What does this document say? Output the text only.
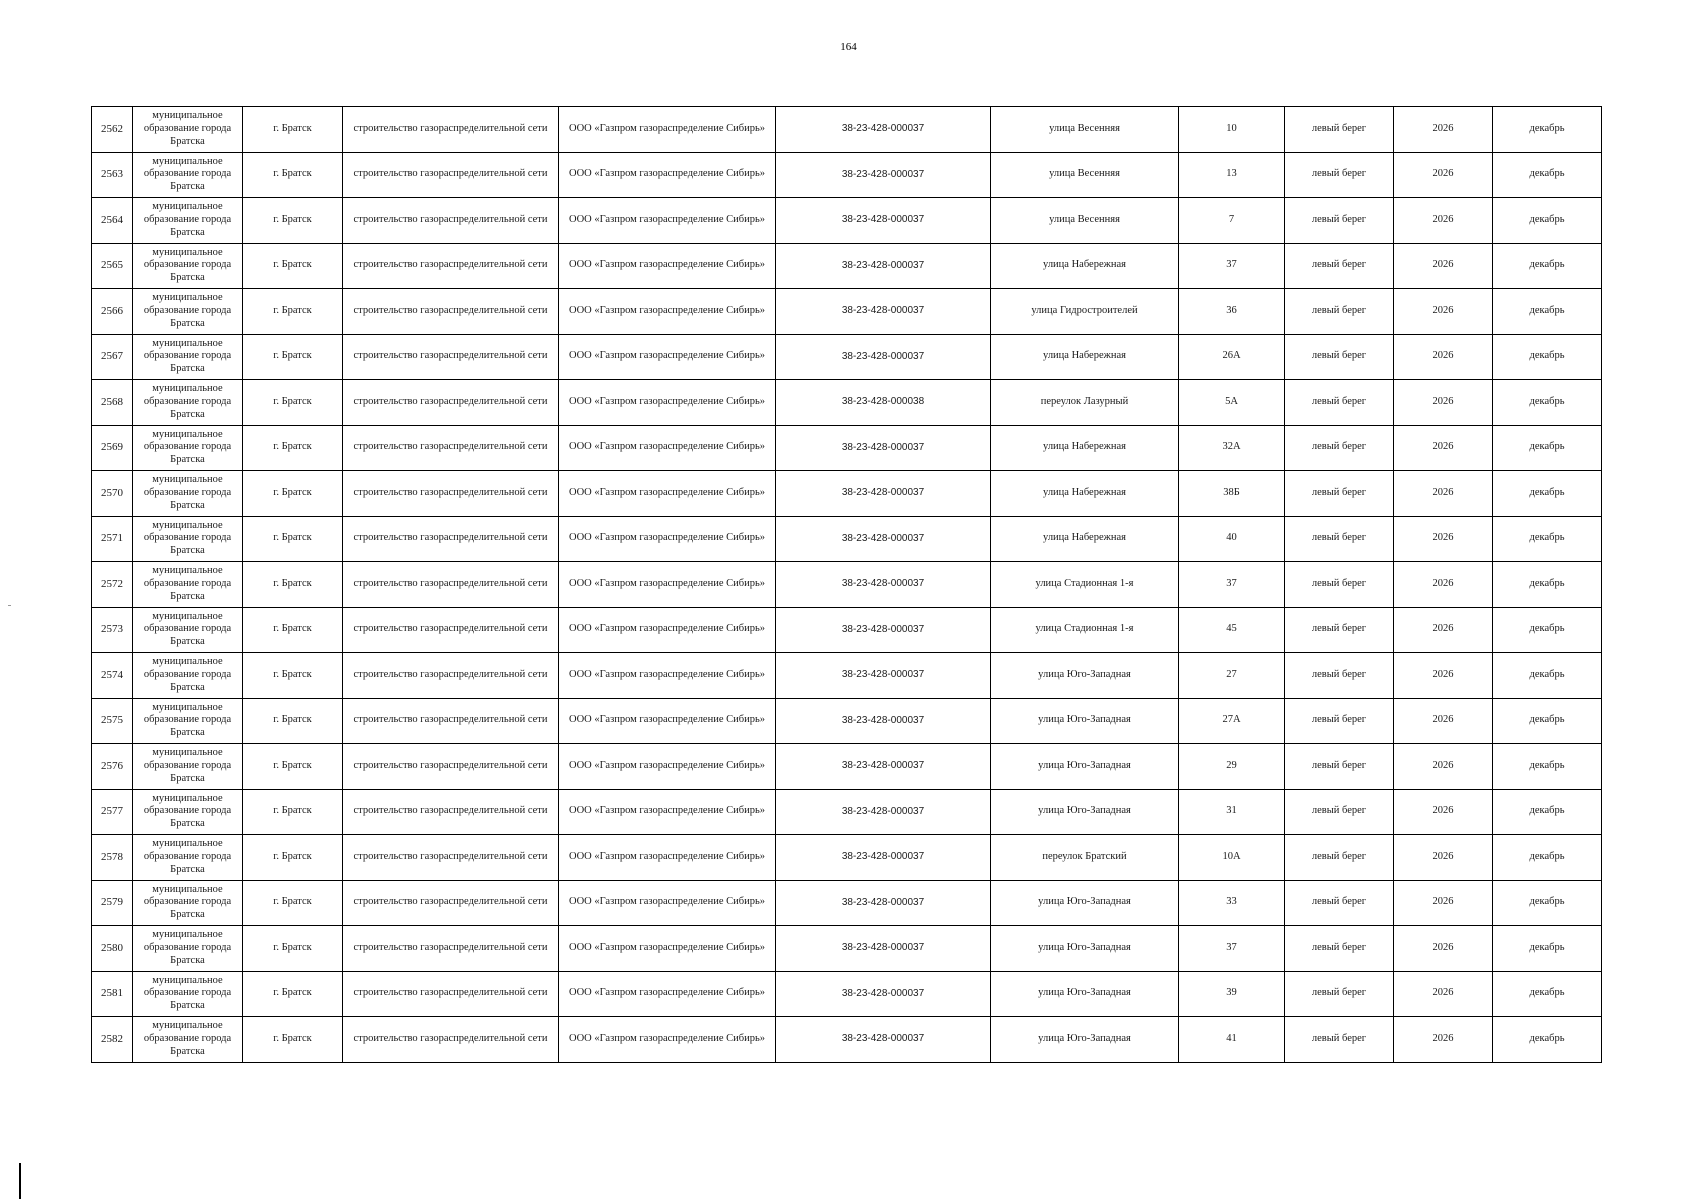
164
2562	муниципальное образование города Братска	г. Братск	строительство газораспределительной сети	ООО «Газпром газораспределение Сибирь»	38-23-428-000037	улица Весенняя	10	левый берег	2026	декабрь
2563	муниципальное образование города Братска	г. Братск	строительство газораспределительной сети	ООО «Газпром газораспределение Сибирь»	38-23-428-000037	улица Весенняя	13	левый берег	2026	декабрь
2564	муниципальное образование города Братска	г. Братск	строительство газораспределительной сети	ООО «Газпром газораспределение Сибирь»	38-23-428-000037	улица Весенняя	7	левый берег	2026	декабрь
2565	муниципальное образование города Братска	г. Братск	строительство газораспределительной сети	ООО «Газпром газораспределение Сибирь»	38-23-428-000037	улица Набережная	37	левый берег	2026	декабрь
2566	муниципальное образование города Братска	г. Братск	строительство газораспределительной сети	ООО «Газпром газораспределение Сибирь»	38-23-428-000037	улица Гидростроителей	36	левый берег	2026	декабрь
2567	муниципальное образование города Братска	г. Братск	строительство газораспределительной сети	ООО «Газпром газораспределение Сибирь»	38-23-428-000037	улица Набережная	26А	левый берег	2026	декабрь
2568	муниципальное образование города Братска	г. Братск	строительство газораспределительной сети	ООО «Газпром газораспределение Сибирь»	38-23-428-000038	переулок Лазурный	5А	левый берег	2026	декабрь
2569	муниципальное образование города Братска	г. Братск	строительство газораспределительной сети	ООО «Газпром газораспределение Сибирь»	38-23-428-000037	улица Набережная	32А	левый берег	2026	декабрь
2570	муниципальное образование города Братска	г. Братск	строительство газораспределительной сети	ООО «Газпром газораспределение Сибирь»	38-23-428-000037	улица Набережная	38Б	левый берег	2026	декабрь
2571	муниципальное образование города Братска	г. Братск	строительство газораспределительной сети	ООО «Газпром газораспределение Сибирь»	38-23-428-000037	улица Набережная	40	левый берег	2026	декабрь
2572	муниципальное образование города Братска	г. Братск	строительство газораспределительной сети	ООО «Газпром газораспределение Сибирь»	38-23-428-000037	улица Стадионная 1-я	37	левый берег	2026	декабрь
2573	муниципальное образование города Братска	г. Братск	строительство газораспределительной сети	ООО «Газпром газораспределение Сибирь»	38-23-428-000037	улица Стадионная 1-я	45	левый берег	2026	декабрь
2574	муниципальное образование города Братска	г. Братск	строительство газораспределительной сети	ООО «Газпром газораспределение Сибирь»	38-23-428-000037	улица Юго-Западная	27	левый берег	2026	декабрь
2575	муниципальное образование города Братска	г. Братск	строительство газораспределительной сети	ООО «Газпром газораспределение Сибирь»	38-23-428-000037	улица Юго-Западная	27А	левый берег	2026	декабрь
2576	муниципальное образование города Братска	г. Братск	строительство газораспределительной сети	ООО «Газпром газораспределение Сибирь»	38-23-428-000037	улица Юго-Западная	29	левый берег	2026	декабрь
2577	муниципальное образование города Братска	г. Братск	строительство газораспределительной сети	ООО «Газпром газораспределение Сибирь»	38-23-428-000037	улица Юго-Западная	31	левый берег	2026	декабрь
2578	муниципальное образование города Братска	г. Братск	строительство газораспределительной сети	ООО «Газпром газораспределение Сибирь»	38-23-428-000037	переулок Братский	10А	левый берег	2026	декабрь
2579	муниципальное образование города Братска	г. Братск	строительство газораспределительной сети	ООО «Газпром газораспределение Сибирь»	38-23-428-000037	улица Юго-Западная	33	левый берег	2026	декабрь
2580	муниципальное образование города Братска	г. Братск	строительство газораспределительной сети	ООО «Газпром газораспределение Сибирь»	38-23-428-000037	улица Юго-Западная	37	левый берег	2026	декабрь
2581	муниципальное образование города Братска	г. Братск	строительство газораспределительной сети	ООО «Газпром газораспределение Сибирь»	38-23-428-000037	улица Юго-Западная	39	левый берег	2026	декабрь
2582	муниципальное образование города Братска	г. Братск	строительство газораспределительной сети	ООО «Газпром газораспределение Сибирь»	38-23-428-000037	улица Юго-Западная	41	левый берег	2026	декабрь
